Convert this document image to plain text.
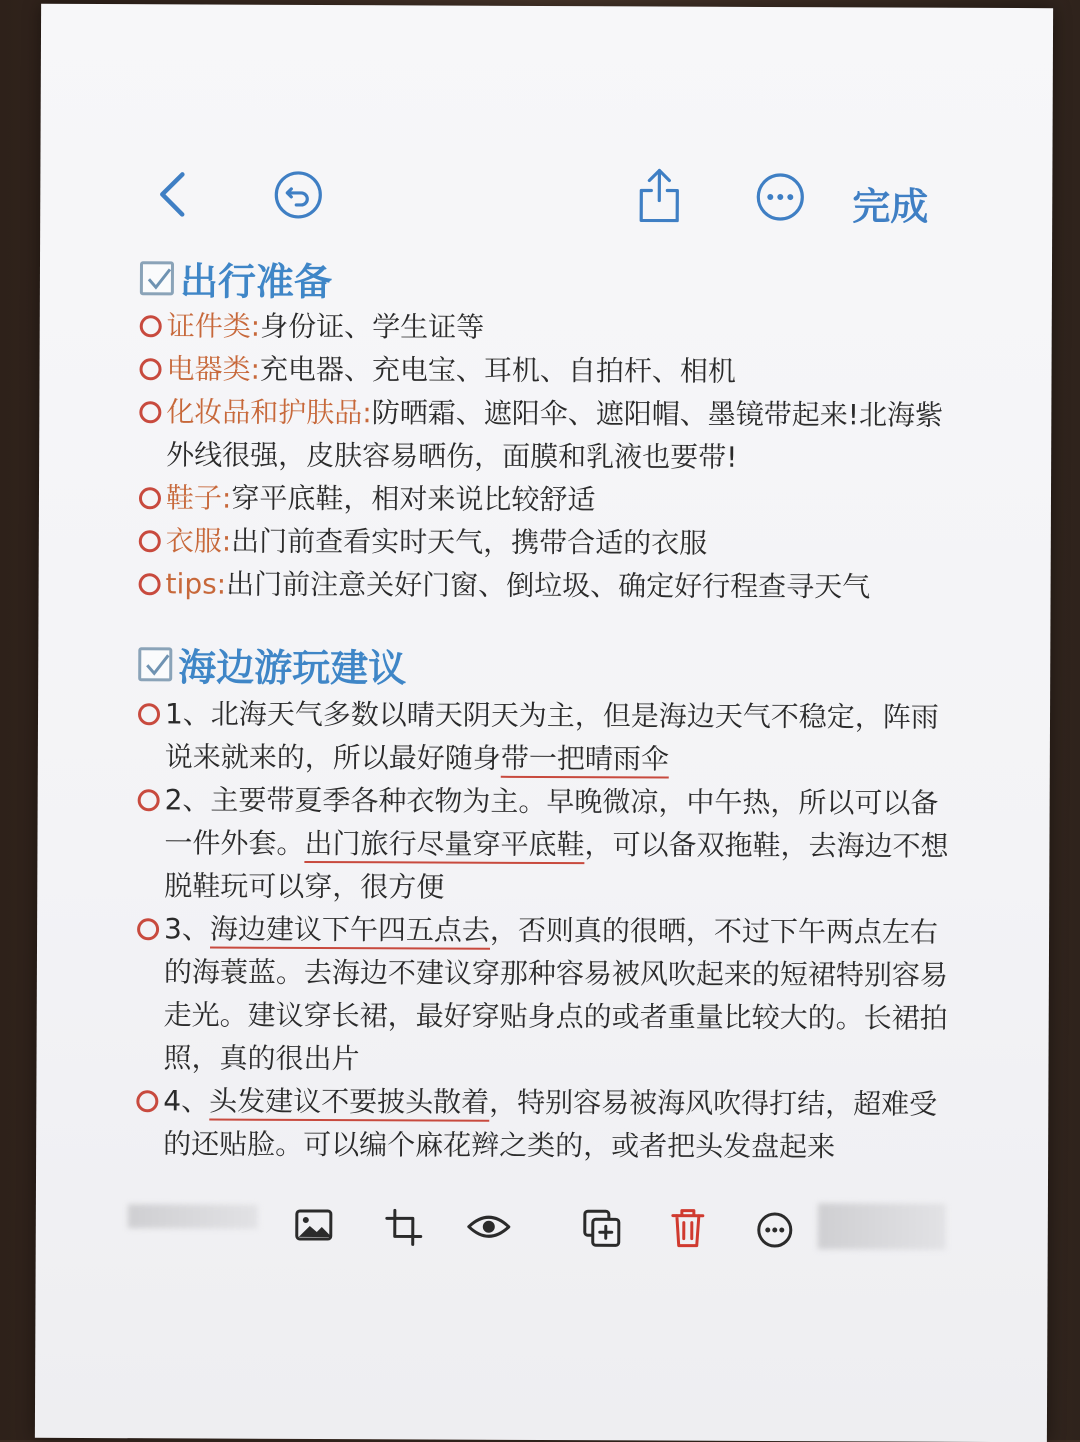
完成
出行准备
证件类:身份证、学生证等
电器类:充电器、充电宝、耳机、自拍杆、相机
化妆品和护肤品:防晒霜、遮阳伞、遮阳帽、墨镜带起来!北海紫外线很强，皮肤容易晒伤，面膜和乳液也要带!
鞋子:穿平底鞋，相对来说比较舒适
衣服:出门前查看实时天气，携带合适的衣服
tips:出门前注意关好门窗、倒垃圾、确定好行程查寻天气
海边游玩建议
1、北海天气多数以晴天阴天为主，但是海边天气不稳定，阵雨说来就来的，所以最好随身带一把晴雨伞
2、主要带夏季各种衣物为主。早晚微凉，中午热，所以可以备一件外套。出门旅行尽量穿平底鞋，可以备双拖鞋，去海边不想脱鞋玩可以穿，很方便
3、海边建议下午四五点去，否则真的很晒，不过下午两点左右的海蓑蓝。去海边不建议穿那种容易被风吹起来的短裙特别容易走光。建议穿长裙，最好穿贴身点的或者重量比较大的。长裙拍照，真的很出片
4、头发建议不要披头散着，特别容易被海风吹得打结，超难受的还贴脸。可以编个麻花辫之类的，或者把头发盘起来
